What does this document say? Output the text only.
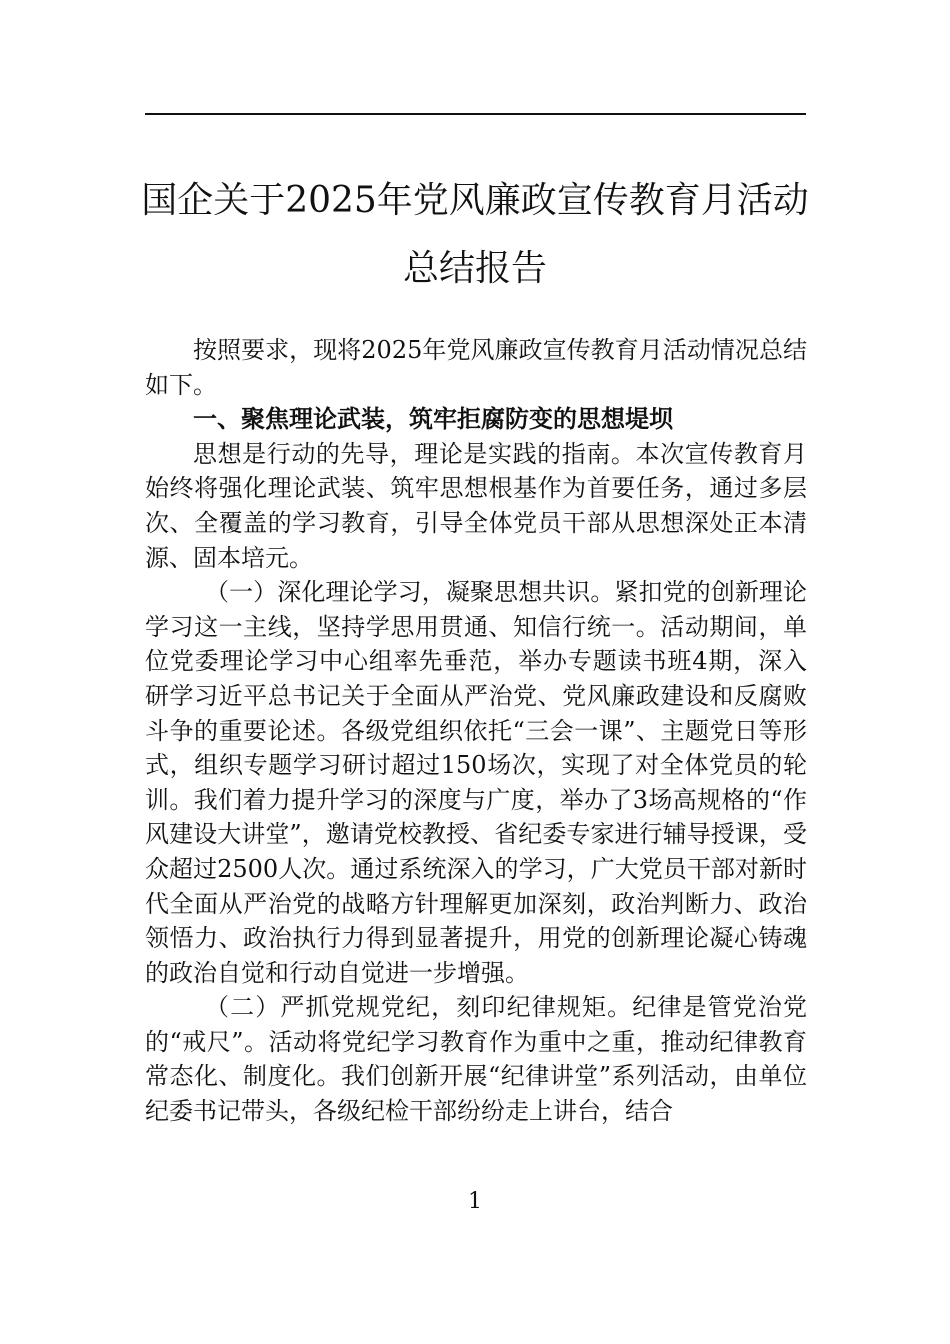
国企关于2025年党风廉政宣传教育月活动
总结报告

按照要求，现将2025年党风廉政宣传教育月活动情况总结如下。

一、聚焦理论武装，筑牢拒腐防变的思想堤坝

思想是行动的先导，理论是实践的指南。本次宣传教育月始终将强化理论武装、筑牢思想根基作为首要任务，通过多层次、全覆盖的学习教育，引导全体党员干部从思想深处正本清源、固本培元。

（一）深化理论学习，凝聚思想共识。紧扣党的创新理论学习这一主线，坚持学思用贯通、知信行统一。活动期间，单位党委理论学习中心组率先垂范，举办专题读书班4期，深入研学习近平总书记关于全面从严治党、党风廉政建设和反腐败斗争的重要论述。各级党组织依托“三会一课”、主题党日等形式，组织专题学习研讨超过150场次，实现了对全体党员的轮训。我们着力提升学习的深度与广度，举办了3场高规格的“作风建设大讲堂”，邀请党校教授、省纪委专家进行辅导授课，受众超过2500人次。通过系统深入的学习，广大党员干部对新时代全面从严治党的战略方针理解更加深刻，政治判断力、政治领悟力、政治执行力得到显著提升，用党的创新理论凝心铸魂的政治自觉和行动自觉进一步增强。

（二）严抓党规党纪，刻印纪律规矩。纪律是管党治党的“戒尺”。活动将党纪学习教育作为重中之重，推动纪律教育常态化、制度化。我们创新开展“纪律讲堂”系列活动，由单位纪委书记带头，各级纪检干部纷纷走上讲台，结合

1
